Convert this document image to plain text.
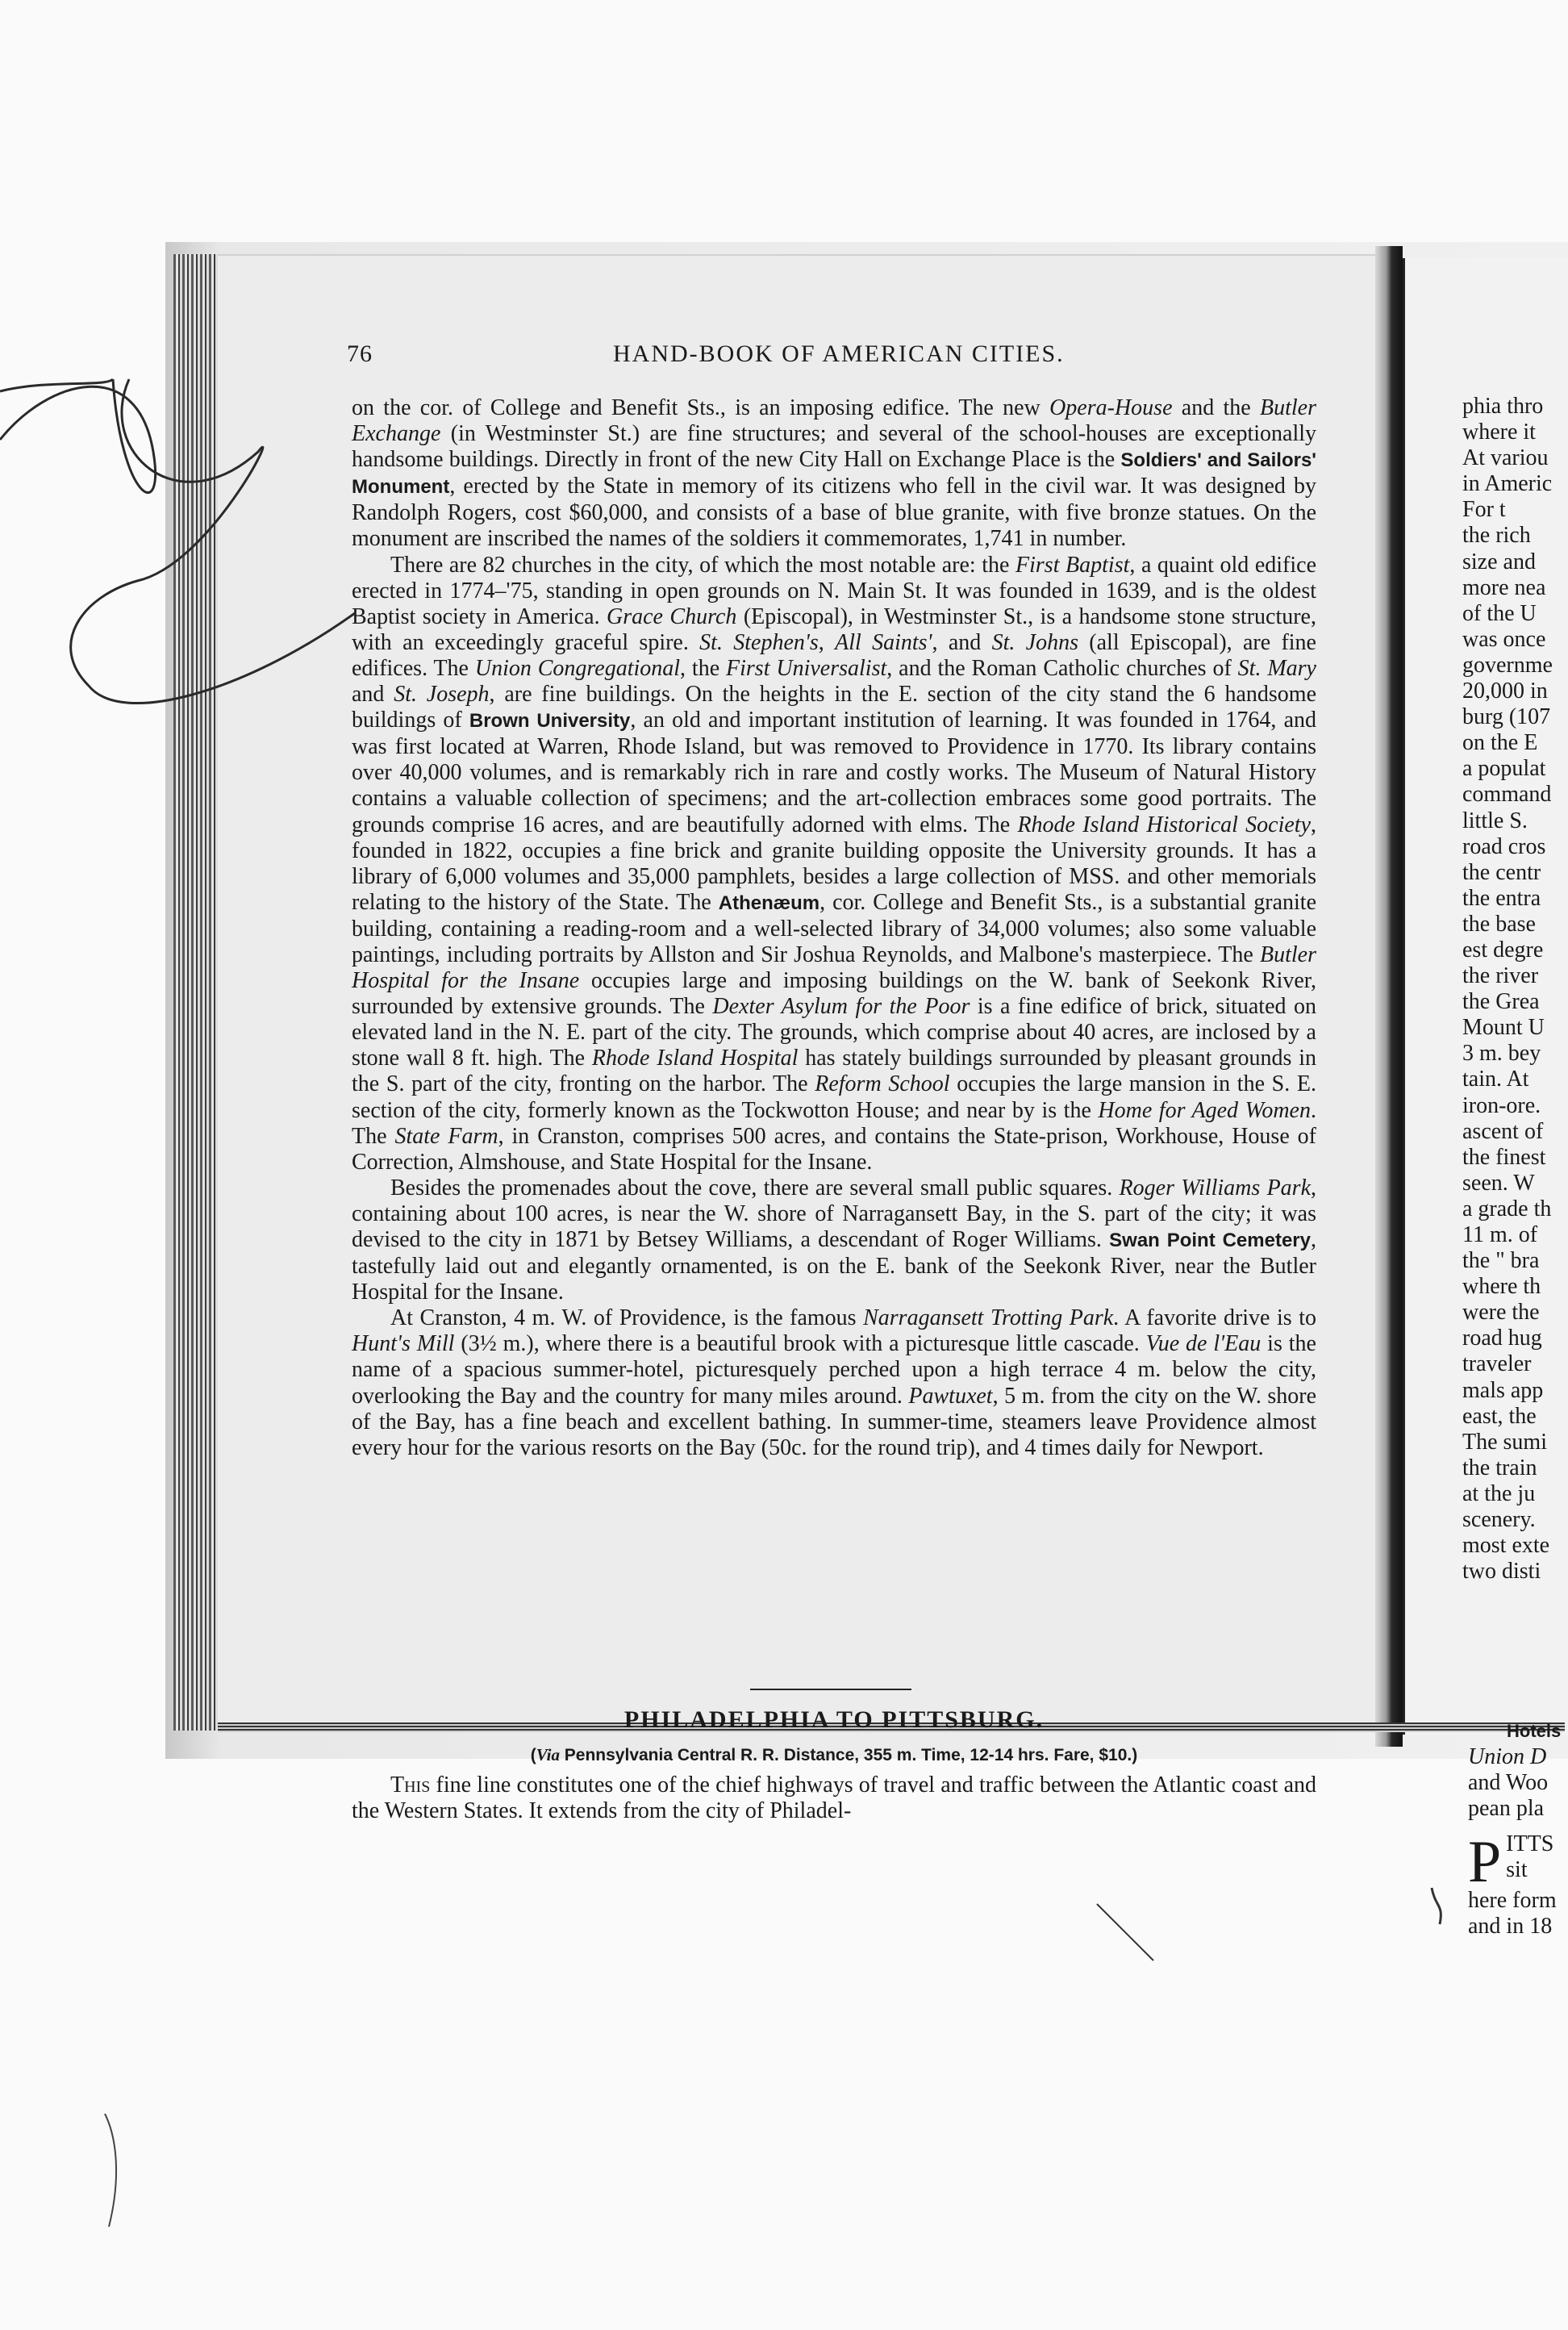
76	HAND-BOOK OF AMERICAN CITIES.

on the cor. of College and Benefit Sts., is an imposing edifice. The new Opera-House and the Butler Exchange (in Westminster St.) are fine structures; and several of the school-houses are exceptionally handsome buildings. Directly in front of the new City Hall on Exchange Place is the Soldiers' and Sailors' Monument, erected by the State in memory of its citizens who fell in the civil war. It was designed by Randolph Rogers, cost $60,000, and consists of a base of blue granite, with five bronze statues. On the monument are inscribed the names of the soldiers it commemorates, 1,741 in number.

There are 82 churches in the city, of which the most notable are: the First Baptist, a quaint old edifice erected in 1774–'75, standing in open grounds on N. Main St. It was founded in 1639, and is the oldest Baptist society in America. Grace Church (Episcopal), in Westminster St., is a handsome stone structure, with an exceedingly graceful spire. St. Stephen's, All Saints', and St. Johns (all Episcopal), are fine edifices. The Union Congregational, the First Universalist, and the Roman Catholic churches of St. Mary and St. Joseph, are fine buildings. On the heights in the E. section of the city stand the 6 handsome buildings of Brown University, an old and important institution of learning. It was founded in 1764, and was first located at Warren, Rhode Island, but was removed to Providence in 1770. Its library contains over 40,000 volumes, and is remarkably rich in rare and costly works. The Museum of Natural History contains a valuable collection of specimens; and the art-collection embraces some good portraits. The grounds comprise 16 acres, and are beautifully adorned with elms. The Rhode Island Historical Society, founded in 1822, occupies a fine brick and granite building opposite the University grounds. It has a library of 6,000 volumes and 35,000 pamphlets, besides a large collection of MSS. and other memorials relating to the history of the State. The Athenæum, cor. College and Benefit Sts., is a substantial granite building, containing a reading-room and a well-selected library of 34,000 volumes; also some valuable paintings, including portraits by Allston and Sir Joshua Reynolds, and Malbone's masterpiece. The Butler Hospital for the Insane occupies large and imposing buildings on the W. bank of Seekonk River, surrounded by extensive grounds. The Dexter Asylum for the Poor is a fine edifice of brick, situated on elevated land in the N. E. part of the city. The grounds, which comprise about 40 acres, are inclosed by a stone wall 8 ft. high. The Rhode Island Hospital has stately buildings surrounded by pleasant grounds in the S. part of the city, fronting on the harbor. The Reform School occupies the large mansion in the S. E. section of the city, formerly known as the Tockwotton House; and near by is the Home for Aged Women. The State Farm, in Cranston, comprises 500 acres, and contains the State-prison, Workhouse, House of Correction, Almshouse, and State Hospital for the Insane.

Besides the promenades about the cove, there are several small public squares. Roger Williams Park, containing about 100 acres, is near the W. shore of Narragansett Bay, in the S. part of the city; it was devised to the city in 1871 by Betsey Williams, a descendant of Roger Williams. Swan Point Cemetery, tastefully laid out and elegantly ornamented, is on the E. bank of the Seekonk River, near the Butler Hospital for the Insane.

At Cranston, 4 m. W. of Providence, is the famous Narragansett Trotting Park. A favorite drive is to Hunt's Mill (3½ m.), where there is a beautiful brook with a picturesque little cascade. Vue de l'Eau is the name of a spacious summer-hotel, picturesquely perched upon a high terrace 4 m. below the city, overlooking the Bay and the country for many miles around. Pawtuxet, 5 m. from the city on the W. shore of the Bay, has a fine beach and excellent bathing. In summer-time, steamers leave Providence almost every hour for the various resorts on the Bay (50c. for the round trip), and 4 times daily for Newport.

PHILADELPHIA TO PITTSBURG.
(Via Pennsylvania Central R. R. Distance, 355 m. Time, 12-14 hrs. Fare, $10.)

This fine line constitutes one of the chief highways of travel and traffic between the Atlantic coast and the Western States. It extends from the city of Philadel-

phia thro
where it
At variou
in Americ
For t
the rich
size and
more nea
of the U
was once
governme
20,000 in
burg (107
on the E
a populat
command
little S.
road cros
the centr
the entra
the base
est degre
the river
the Grea
Mount U
3 m. bey
tain. At
iron-ore.
ascent of
the finest
seen. W
a grade th
11 m. of
the " bra
where th
were the
road hug
traveler
mals app
east, the
The sumi
the train
at the ju
scenery.
most exte
two disti
Hotels
Union D
and Woo
pean pla
P ITTS
sit
here form
and in 18
